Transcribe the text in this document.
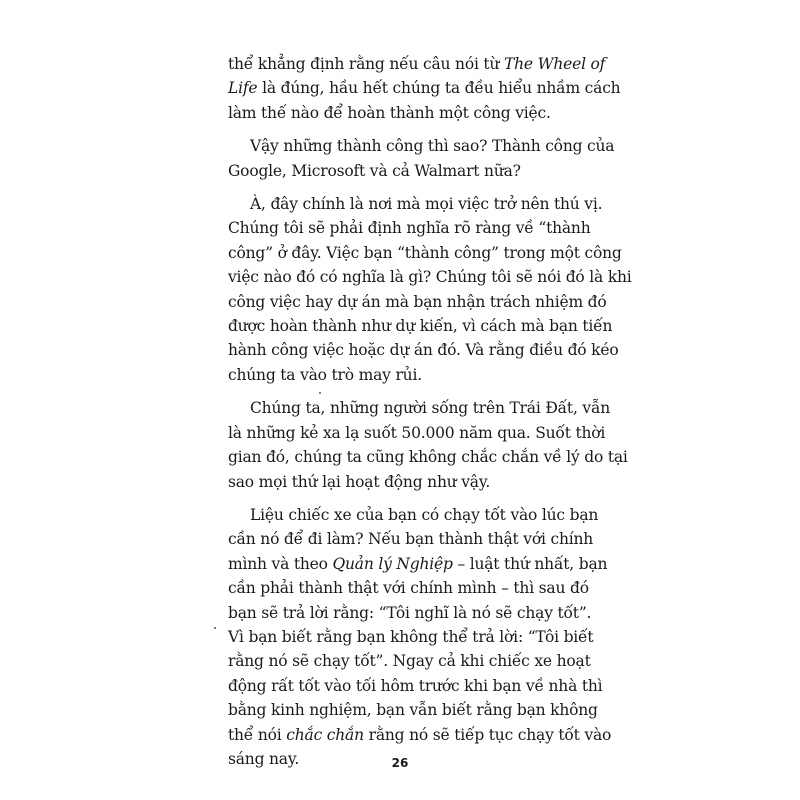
thể khẳng định rằng nếu câu nói từ The Wheel of
Life là đúng, hầu hết chúng ta đều hiểu nhầm cách
làm thế nào để hoàn thành một công việc.

Vậy những thành công thì sao? Thành công của
Google, Microsoft và cả Walmart nữa?

À, đây chính là nơi mà mọi việc trở nên thú vị.
Chúng tôi sẽ phải định nghĩa rõ ràng về “thành
công” ở đây. Việc bạn “thành công” trong một công
việc nào đó có nghĩa là gì? Chúng tôi sẽ nói đó là khi
công việc hay dự án mà bạn nhận trách nhiệm đó
được hoàn thành như dự kiến, vì cách mà bạn tiến
hành công việc hoặc dự án đó. Và rằng điều đó kéo
chúng ta vào trò may rủi.

Chúng ta, những người sống trên Trái Đất, vẫn
là những kẻ xa lạ suốt 50.000 năm qua. Suốt thời
gian đó, chúng ta cũng không chắc chắn về lý do tại
sao mọi thứ lại hoạt động như vậy.

Liệu chiếc xe của bạn có chạy tốt vào lúc bạn
cần nó để đi làm? Nếu bạn thành thật với chính
mình và theo Quản lý Nghiệp – luật thứ nhất, bạn
cần phải thành thật với chính mình – thì sau đó
bạn sẽ trả lời rằng: “Tôi nghĩ là nó sẽ chạy tốt”.
Vì bạn biết rằng bạn không thể trả lời: “Tôi biết
rằng nó sẽ chạy tốt”. Ngay cả khi chiếc xe hoạt
động rất tốt vào tối hôm trước khi bạn về nhà thì
bằng kinh nghiệm, bạn vẫn biết rằng bạn không
thể nói chắc chắn rằng nó sẽ tiếp tục chạy tốt vào
sáng nay.	26
